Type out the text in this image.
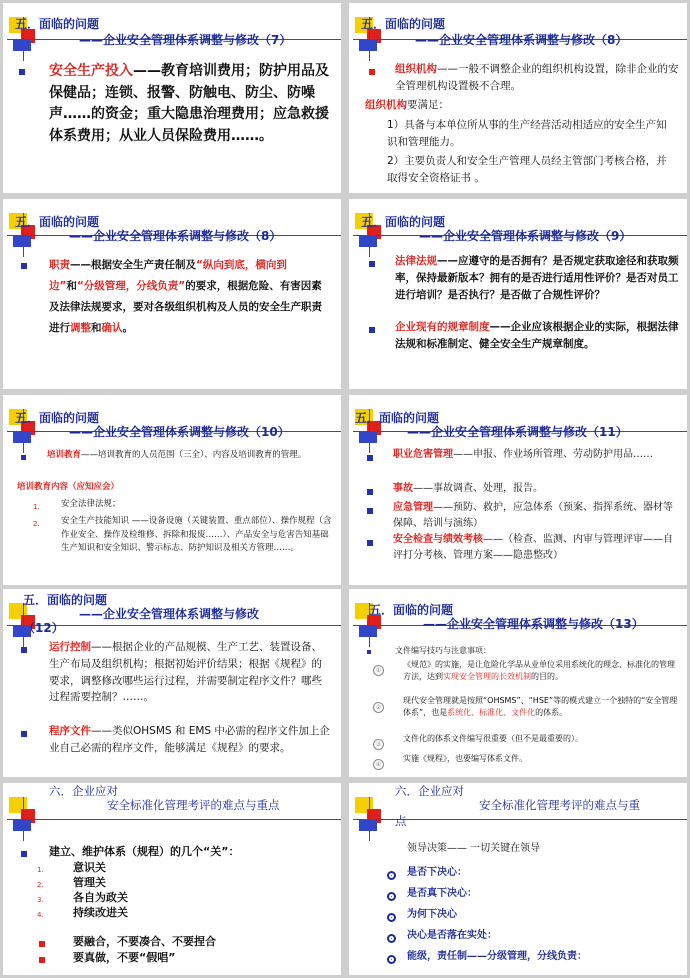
五．面临的问题
——企业安全管理体系调整与修改（7）
安全生产投入——教育培训费用；防护用品及保健品；连锁、报警、防触电、防尘、防噪声……的资金；重大隐患治理费用；应急救援体系费用；从业人员保险费用……。
五．面临的问题
——企业安全管理体系调整与修改（8）
组织机构——一般不调整企业的组织机构设置，除非企业的安全管理机构设置极不合理。
组织机构要满足：
1）具备与本单位所从事的生产经营活动相适应的安全生产知识和管理能力。
2）主要负责人和安全生产管理人员经主管部门考核合格，并取得安全资格证书 。
五．面临的问题
——企业安全管理体系调整与修改（8）
职责——根据安全生产责任制及“纵向到底，横向到边”和“分级管理，分线负责”的要求，根据危险、有害因素及法律法规要求，要对各级组织机构及人员的安全生产职责进行调整和确认。
五．面临的问题
——企业安全管理体系调整与修改（9）
法律法规——应遵守的是否拥有？是否规定获取途径和获取频率，保持最新版本？拥有的是否进行适用性评价？是否对员工进行培训？是否执行？是否做了合规性评价？
企业现有的规章制度——企业应该根据企业的实际，根据法律法规和标准制定、健全安全生产规章制度。
五．面临的问题
——企业安全管理体系调整与修改（10）
培训教育——培训教育的人员范围（三全）、内容及培训教育的管理。
培训教育内容（应知应会）
1.	安全法律法规；
2.	安全生产技能知识 ——设备设施（关键装置、重点部位）、操作规程（含作业安全、操作及检维修、拆除和报废……）、产品安全与危害告知基础生产知识和安全知识、警示标志、防护知识及相关方管理……。
五．面临的问题
——企业安全管理体系调整与修改（11）
职业危害管理——申报、作业场所管理、劳动防护用品……
事故——事故调查、处理，报告。
应急管理——预防、救护，应急体系（预案、指挥系统、器材等保障、培训与演练）
安全检查与绩效考核——（检查、监测、内审与管理评审——自评打分考核、管理方案——隐患整改）
五．面临的问题
——企业安全管理体系调整与修改
（12）
运行控制——根据企业的产品规模、生产工艺、装置设备、生产布局及组织机构；根据初始评价结果；根据《规程》的要求，调整修改哪些运行过程，并需要制定程序文件？哪些过程需要控制？……。
程序文件——类似OHSMS 和 EMS 中必需的程序文件加上企业自己必需的程序文件，能够满足《规程》的要求。
五．面临的问题
——企业安全管理体系调整与修改（13）
文件编写技巧与注意事项：
①
《规范》的实施，是让危险化学品从业单位采用系统化的理念、标准化的管理方法，达到实现安全管理的长效机制的目的。
②
现代安全管理就是按照“OHSMS”、“HSE”等的模式建立一个独特的“安全管理体系”，也是系统化、标准化、文件化的体系。
③
文件化的体系文件编写很重要（但不是最重要的）。
④
实施《规程》，也要编写体系文件。
六．企业应对
安全标准化管理考评的难点与重点
建立、维护体系（规程）的几个“关”：
1.	意识关
2.	管理关
3.	各自为政关
4.	持续改进关
要融合，不要凑合、不要捏合
要真做，不要“假唱”
六．企业应对
安全标准化管理考评的难点与重
点
领导决策—— 一切关键在领导
是否下决心：
是否真下决心：
为何下决心
决心是否落在实处：
能级，责任制——分级管理，分线负责：
